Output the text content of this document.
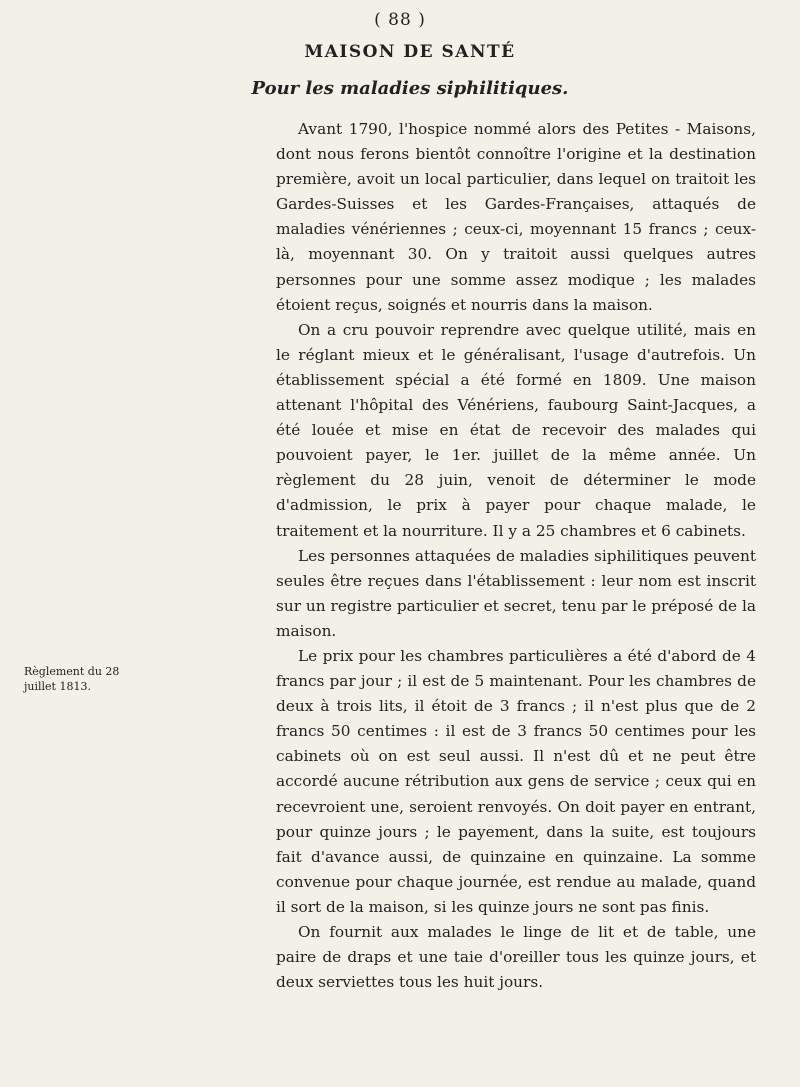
( 88 )
MAISON DE SANTÉ
Pour les maladies siphilitiques.

Avant 1790, l'hospice nommé alors des Petites - Maisons, dont nous ferons bientôt connoître l'origine et la destination première, avoit un local particulier, dans lequel on traitoit les Gardes-Suisses et les Gardes-Françaises, attaqués de maladies vénériennes ; ceux-ci, moyennant 15 francs ; ceux-là, moyennant 30. On y traitoit aussi quelques autres personnes pour une somme assez modique ; les malades étoient reçus, soignés et nourris dans la maison.

On a cru pouvoir reprendre avec quelque utilité, mais en le réglant mieux et le généralisant, l'usage d'autrefois. Un établissement spécial a été formé en 1809. Une maison attenant l'hôpital des Vénériens, faubourg Saint-Jacques, a été louée et mise en état de recevoir des malades qui pouvoient payer, le 1er. juillet de la même année. Un règlement du 28 juin, venoit de déterminer le mode d'admission, le prix à payer pour chaque malade, le traitement et la nourriture. Il y a 25 chambres et 6 cabinets.

Les personnes attaquées de maladies siphilitiques peuvent seules être reçues dans l'établissement : leur nom est inscrit sur un registre particulier et secret, tenu par le préposé de la maison.

Le prix pour les chambres particulières a été d'abord de 4 francs par jour ; il est de 5 maintenant. Pour les chambres de deux à trois lits, il étoit de 3 francs ; il n'est plus que de 2 francs 50 centimes : il est de 3 francs 50 centimes pour les cabinets où on est seul aussi. Il n'est dû et ne peut être accordé aucune rétribution aux gens de service ; ceux qui en recevroient une, seroient renvoyés. On doit payer en entrant, pour quinze jours ; le payement, dans la suite, est toujours fait d'avance aussi, de quinzaine en quinzaine. La somme convenue pour chaque journée, est rendue au malade, quand il sort de la maison, si les quinze jours ne sont pas finis.

On fournit aux malades le linge de lit et de table, une paire de draps et une taie d'oreiller tous les quinze jours, et deux serviettes tous les huit jours.

Règlement du 28 juillet 1813.
